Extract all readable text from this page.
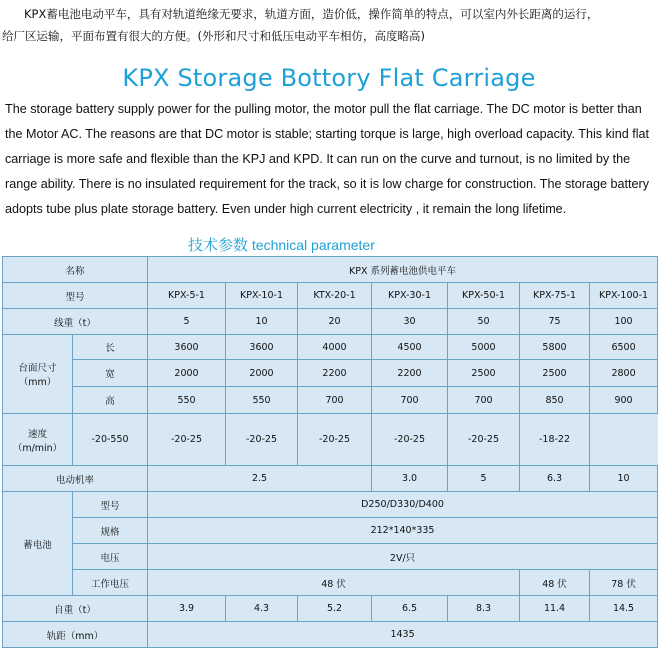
KPX蓄电池电动平车，具有对轨道绝缘无要求，轨道方面，造价低，操作简单的特点，可以室内外长距离的运行，

给厂区运输，平面布置有很大的方便。(外形和尺寸和低压电动平车相仿，高度略高)

KPX Storage Bottory Flat Carriage
The storage battery supply power for the pulling motor, the motor pull the flat carriage. The DC motor is better than
the Motor AC. The reasons are that DC motor is stable; starting torque is large, high overload capacity. This kind flat
carriage is more safe and flexible than the KPJ and KPD. It can run on the curve and turnout, is no limited by the
range ability. There is no insulated requirement for the track, so it is low charge for construction. The storage battery
adopts tube plus plate storage battery. Even under high current electricity , it remain the long lifetime.
技术参数 technical parameter
名称		KPX 系列蓄电池供电平车						
型号		KPX-5-1	KPX-10-1	KTX-20-1	KPX-30-1	KPX-50-1	KPX-75-1	KPX-100-1
线重（t）		5	10	20	30	50	75	100
台面尺寸
（mm）	长	3600	3600	4000	4500	5000	5800	6500
	宽	2000	2000	2200	2200	2500	2500	2800
	高	550	550	700	700	700	850	900
速度
（m/min）	-20-550	-20-25	-20-25	-20-25	-20-25	-20-25	-18-22
电动机率		2.5			3.0	5	6.3	10
蓄电池	型号	D250/D330/D400						
	规格	212*140*335						
	电压	2V/只						
	工作电压	48 伏					48 伏	78 伏
自重（t）		3.9	4.3	5.2	6.5	8.3	11.4	14.5
轨距（mm）		1435						
